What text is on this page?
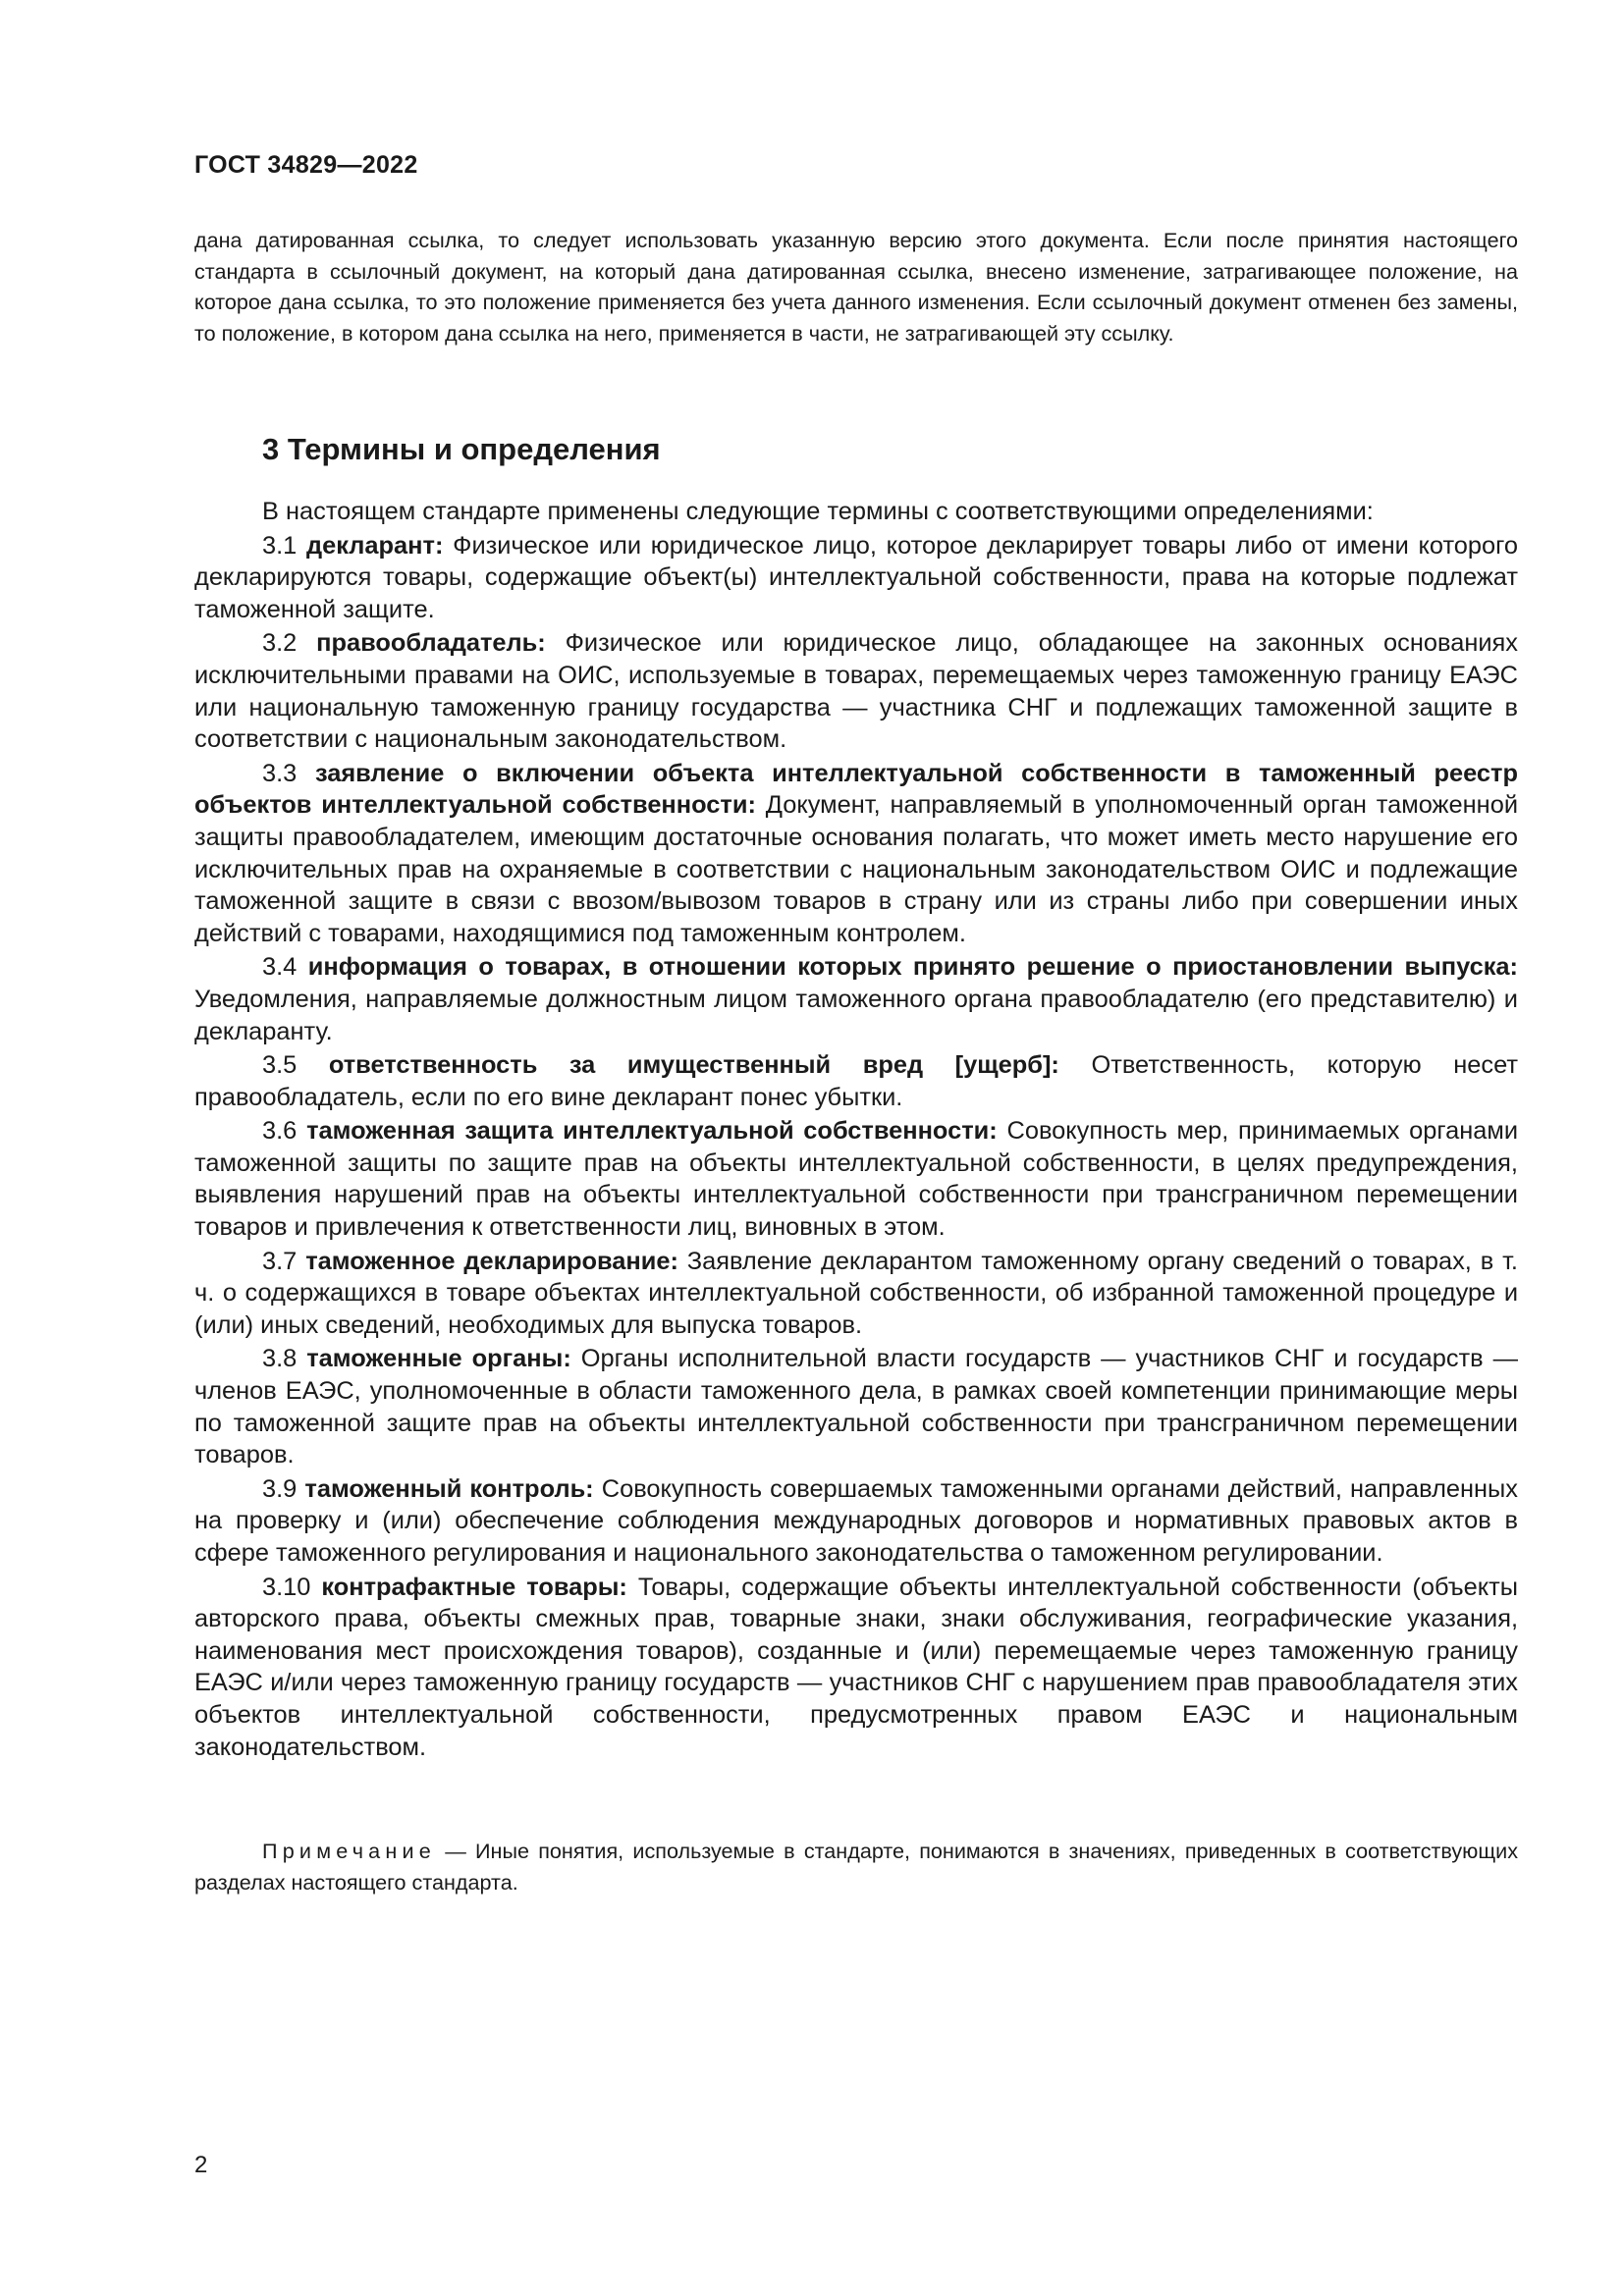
ГОСТ 34829—2022

дана датированная ссылка, то следует использовать указанную версию этого документа. Если после принятия настоящего стандарта в ссылочный документ, на который дана датированная ссылка, внесено изменение, затрагивающее положение, на которое дана ссылка, то это положение применяется без учета данного изменения. Если ссылочный документ отменен без замены, то положение, в котором дана ссылка на него, применяется в части, не затрагивающей эту ссылку.

3 Термины и определения

В настоящем стандарте применены следующие термины с соответствующими определениями:

3.1 декларант: Физическое или юридическое лицо, которое декларирует товары либо от имени которого декларируются товары, содержащие объект(ы) интеллектуальной собственности, права на которые подлежат таможенной защите.

3.2 правообладатель: Физическое или юридическое лицо, обладающее на законных основаниях исключительными правами на ОИС, используемые в товарах, перемещаемых через таможенную границу ЕАЭС или национальную таможенную границу государства — участника СНГ и подлежащих таможенной защите в соответствии с национальным законодательством.

3.3 заявление о включении объекта интеллектуальной собственности в таможенный реестр объектов интеллектуальной собственности: Документ, направляемый в уполномоченный орган таможенной защиты правообладателем, имеющим достаточные основания полагать, что может иметь место нарушение его исключительных прав на охраняемые в соответствии с национальным законодательством ОИС и подлежащие таможенной защите в связи с ввозом/вывозом товаров в страну или из страны либо при совершении иных действий с товарами, находящимися под таможенным контролем.

3.4 информация о товарах, в отношении которых принято решение о приостановлении выпуска: Уведомления, направляемые должностным лицом таможенного органа правообладателю (его представителю) и декларанту.

3.5 ответственность за имущественный вред [ущерб]: Ответственность, которую несет правообладатель, если по его вине декларант понес убытки.

3.6 таможенная защита интеллектуальной собственности: Совокупность мер, принимаемых органами таможенной защиты по защите прав на объекты интеллектуальной собственности, в целях предупреждения, выявления нарушений прав на объекты интеллектуальной собственности при трансграничном перемещении товаров и привлечения к ответственности лиц, виновных в этом.

3.7 таможенное декларирование: Заявление декларантом таможенному органу сведений о товарах, в т. ч. о содержащихся в товаре объектах интеллектуальной собственности, об избранной таможенной процедуре и (или) иных сведений, необходимых для выпуска товаров.

3.8 таможенные органы: Органы исполнительной власти государств — участников СНГ и государств — членов ЕАЭС, уполномоченные в области таможенного дела, в рамках своей компетенции принимающие меры по таможенной защите прав на объекты интеллектуальной собственности при трансграничном перемещении товаров.

3.9 таможенный контроль: Совокупность совершаемых таможенными органами действий, направленных на проверку и (или) обеспечение соблюдения международных договоров и нормативных правовых актов в сфере таможенного регулирования и национального законодательства о таможенном регулировании.

3.10 контрафактные товары: Товары, содержащие объекты интеллектуальной собственности (объекты авторского права, объекты смежных прав, товарные знаки, знаки обслуживания, географические указания, наименования мест происхождения товаров), созданные и (или) перемещаемые через таможенную границу ЕАЭС и/или через таможенную границу государств — участников СНГ с нарушением прав правообладателя этих объектов интеллектуальной собственности, предусмотренных правом ЕАЭС и национальным законодательством.

Примечание — Иные понятия, используемые в стандарте, понимаются в значениях, приведенных в соответствующих разделах настоящего стандарта.

2
